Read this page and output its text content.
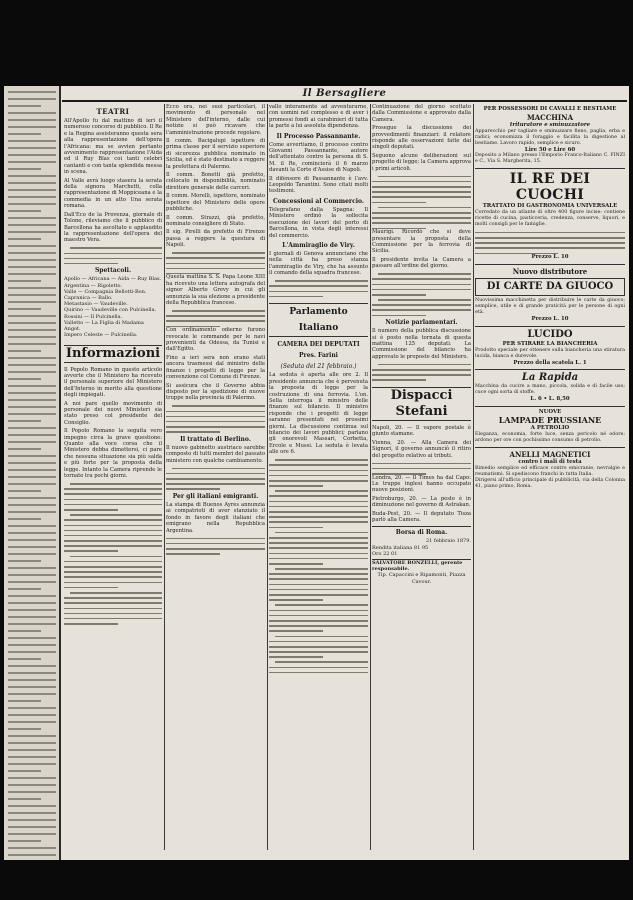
Il Bersagliere
TEATRI

All'Apollo fu dal mattino di ieri il numeroso concorso di pubblico. Il Re e la Regina assisteranno questa sera alla rappresentazione dell'opera l'Africana: ma se avvien pertanto avvenimento rappresentazione l'Aida ed il Ruy Blas coi tanti celebri cantanti e con tanta splendida messa in scena.

Al Valle avrà luogo stasera la serata della signora Marchetti, colla rappresentazione di Moppiceana e la commedia in un atto Una serata romana.

Dall'Eco de la Provenza, giornale di Tolone, rileviamo che il pubblico di Barcellona ha ascoltato e applaudito la rappresentazione dell'opera del maestro Vera.

Spettacoli.
Apollo — Africana — Aida — Ruy Blas.
Argentina — Rigoletto.
Valle — Compagnia Bellotti-Bon.
Capranica — Ballo.
Metastasio — Vaudeville.
Quirino — Vaudeville con Pulcinella.
Rossini — Il Pulcinella.
Valletto — La Figlia di Madama Angot.
Impero Celeste — Pulcinella.
Informazioni

Il Popolo Romano in questo articolo avverte che il Ministero ha ricevuto il personale superiore del Ministero dell'Interno in merito alla questione degli impiegati.

A noi pare quello movimento di personale dei nuovi Ministeri sia stato preso col presidente del Consiglio.

Il Popolo Romano la seguita vero impegno circa la grave questione: Quanto alla voce corsa che il Ministero debba dimettersi, ci pare che nessuna situazione sia più salda e più forte per la proposta della legge. Intanto la Camera riprende le tornate tra pochi giorni.

Ecco ora, nei suoi particolari, il movimento di personale nel Ministero dell'interno, dalle cui notizie si può ricavare che l'amministrazione procede regolare.

Il comm. Bacigalupi ispettore di prima classe per il servizio superiore di sicurezza pubblica nominato in Sicilia, ed è stato destinato a reggere la prefettura di Palermo.

Il comm. Bonetti già prefetto, collocato in disponibilità, nominato direttore generale delle carceri.

Il comm. Morelli, ispettore, nominato ispettore del Ministero delle opere pubbliche.

Il comm. Strazzi, già prefetto, nominato consigliere di Stato.

Il sig. Pirelli da prefetto di Firenze passa a reggere la questura di Napoli.

Questa mattina S. S. Papa Leone XIII ha ricevuto una lettera autografa del signor Alberto Grevy in cui gli annunzia la sua elezione a presidente della Repubblica francese.

Con ordinamento odierno furono revocate le commande per le navi provenienti da Odessa, da Tunisi e dall'Egitto.

Fino a ieri sera non erano stati ancora trasmessi dal ministro delle finanze i progetti di legge per la convenzione col Comune di Firenze.

Si assicura che il Governo abbia disposto per la spedizione di nuove truppe nella provincia di Palermo.

Il trattato di Berlino.

Il nuovo gabinetto austriaco sarebbe composto di tutti membri del passato ministero con qualche cambiamento.

Per gli italiani emigranti.

La stampa di Buenos Ayres annunzia ai compatrioti di aver stanziato il fondo in favore degli italiani che emigrano nella Repubblica Argentina.

vallo interamente ad avventurarne, con uomini nel complesso e di aver i promessi fondi ai carabinieri di tutta la parte a lui assoluta dipendenza.

Il Processo Passannante.

Come avvertiamo, il processo contro Giovanni Passannante, autore dell'attentato contro la persona di S. M. il Re, comincierà il 6 marzo davanti la Corte d'Assise di Napoli.

Il difensore di Passannante è l'avv. Leopoldo Tarantini. Sono citati molti testimoni.

Concessioni al Commercio.

Telegrafano dalla Spagna: Il Ministero ordinò la sollecita esecuzione dei lavori del porto di Barcellona, in vista degli interessi del commercio.

L'Ammiraglio de Viry.

I giornali di Genova annunciano che nella città ha preso stanza l'ammiraglio de Viry, che ha assunto il comando della squadra francese.

Parlamento Italiano
CAMERA DEI DEPUTATI
Pres. Farini
(Seduta del 21 febbraio.)

La seduta è aperta alle ore 2. Il presidente annuncia che è pervenuta la proposta di legge per la costruzione di una ferrovia. L'on. Sella interroga il ministro delle finanze sul bilancio. Il ministro risponde che i progetti di legge saranno presentati nei prossimi giorni. La discussione continua sul bilancio dei lavori pubblici; parlano gli onorevoli Massari, Corbetta, Ercole e Mussi. La seduta è levata alle ore 6.

Continuazione del giorno scottato dalla Commissione e approvato dalla Camera.

Prosegue la discussione dei provvedimenti finanziari: il relatore risponde alle osservazioni fatte dai singoli deputati.

Seguono alcune deliberazioni sul progetto di legge; la Camera approva i primi articoli.

Maurigi. Ricordò che si deve presentare la proposta della Commissione per la ferrovia di Sicilia.

Il presidente invita la Camera a passare all'ordine del giorno.

Notizie parlamentari.

Il numero della pubblica discussione si è posto nella tornata di questa mattina 125 deputati. La Commissione del bilancio ha approvato le proposte del Ministero.

Dispacci Stefani

Napoli, 20. — Il vapore postale è giunto stamane.

Vienna, 20. — Alla Camera dei Signori, il governo annunciò il ritiro del progetto relativo ai tributi.

Londra, 20. — Il Times ha dal Capo: Le truppe inglesi hanno occupato nuove posizioni.

Pietroburgo, 20. — La peste è in diminuzione nel governo di Astrakan.

Buda-Pest, 20. — Il deputato Tisza parlò alla Camera.

Borsa di Roma.
21 febbraio 1879.
Rendita italiana 81 95
Oro 22 01
SALVATORE BONZELLI, gerente responsabile.
Tip. Capaccini e Ripamonti, Piazza Cavour.
PER POSSESSORI DI CAVALLI E BESTIAME
MACCHINA
trituratore e sminuzzatore
Apparecchio per tagliare e sminuzzare fieno, paglia, erba e radici; economizza il foraggio e facilita la digestione al bestiame. Lavoro rapido, semplice e sicuro.
Lire 50 e Lire 60
Deposito a Milano presso l'Emporio Franco-Italiano C. FINZI e C., Via S. Margherita, 15.
IL RE DEI CUOCHI
TRATTATO DI GASTRONOMIA UNIVERSALE
Corredato da un atlante di oltre 400 figure incise: contiene ricette di cucina, pasticceria, credenza, conserve, liquori, e molti consigli per le famiglie.
Prezzo L. 10
Nuovo distributore
DI CARTE DA GIUOCO
Nuovissima macchinetta per distribuire le carte da giuoco; semplice, utile e di grande praticità per le persone di ogni età.
Prezzo L. 10
LUCIDO
PER STIRARE LA BIANCHERIA
Prodotto speciale per ottenere sulla biancheria una stiratura lucida, bianca e durevole.
Prezzo della scatola L. 1
La Rapida
Macchina da cucire a mano, piccola, solida e di facile uso; cuce ogni sorta di stoffe.
L. 6 • L. 8,50
NUOVE
LAMPADE PRUSSIANE
A PETROLIO
Eleganza, economia, forte luce, senza pericolo né odore; ardono per ore con pochissimo consumo di petrolio.
ANELLI MAGNETICI
contro i mali di testa
Rimedio semplice ed efficace contro emicranie, nevralgie e reumatismi. Si spediscono franchi in tutta Italia.
Dirigersi all'ufficio principale di pubblicità, via della Colonna 41, piano primo, Roma.
